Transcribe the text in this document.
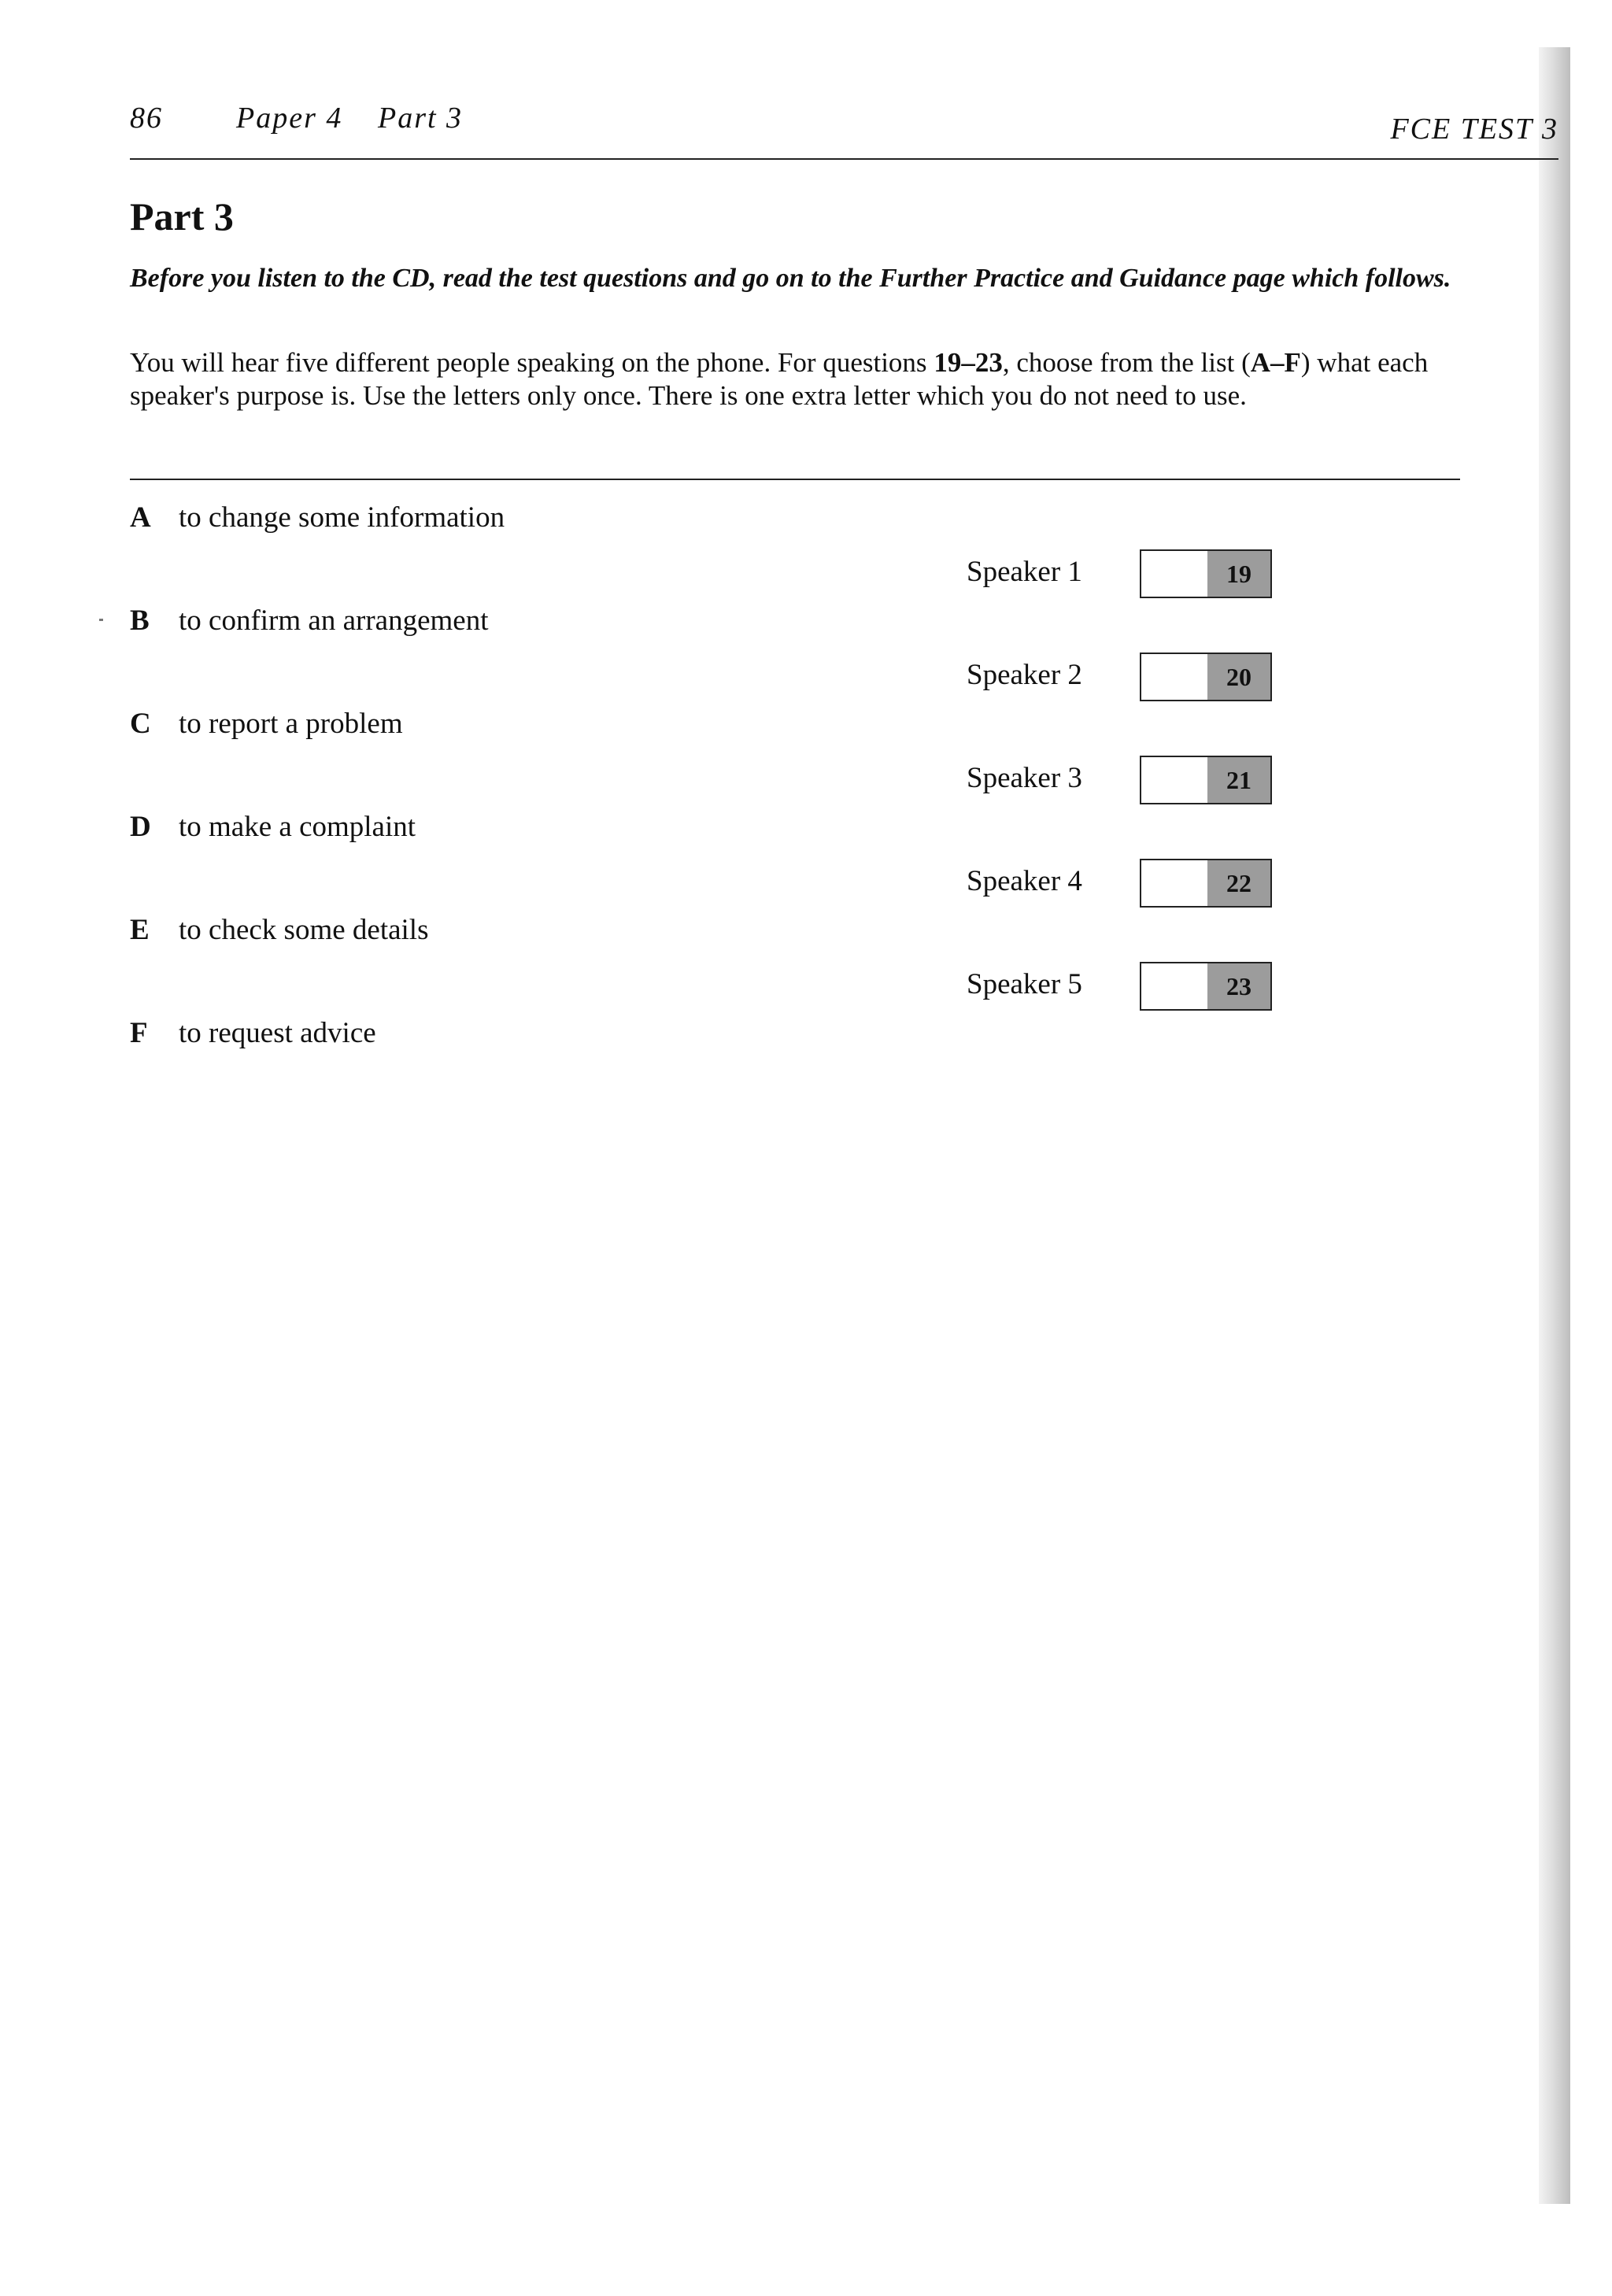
86 Paper 4 Part 3	FCE TEST 3
Part 3
Before you listen to the CD, read the test questions and go on to the Further Practice and Guidance page which follows.
You will hear five different people speaking on the phone. For questions 19–23, choose from the list (A–F) what each speaker's purpose is. Use the letters only once. There is one extra letter which you do not need to use.
A to change some information
B to confirm an arrangement
C to report a problem
D to make a complaint
E to check some details
F to request advice
Speaker 1	19
Speaker 2	20
Speaker 3	21
Speaker 4	22
Speaker 5	23
